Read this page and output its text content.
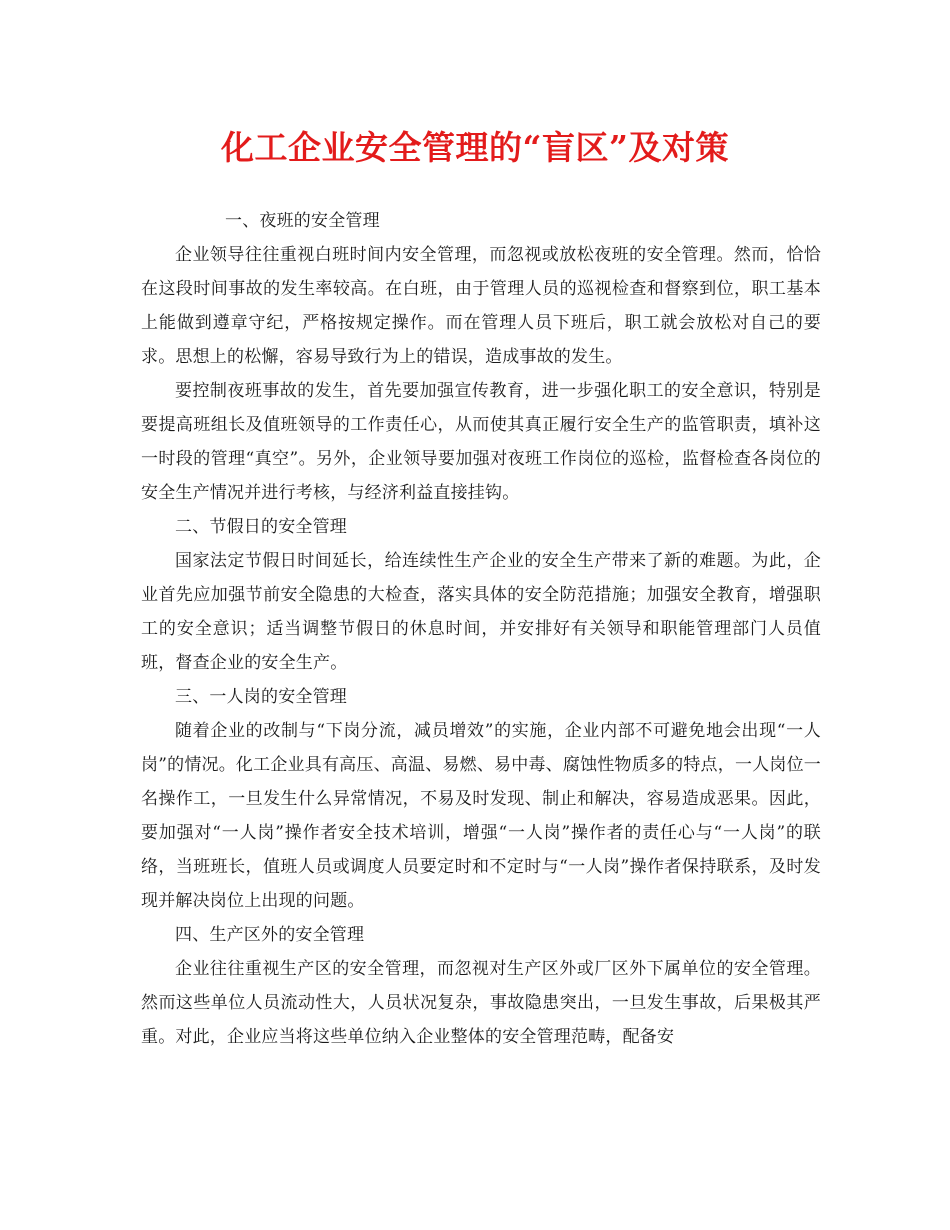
化工企业安全管理的“盲区”及对策

一、夜班的安全管理

企业领导往往重视白班时间内安全管理，而忽视或放松夜班的安全管理。然而，恰恰在这段时间事故的发生率较高。在白班，由于管理人员的巡视检查和督察到位，职工基本上能做到遵章守纪，严格按规定操作。而在管理人员下班后，职工就会放松对自己的要求。思想上的松懈，容易导致行为上的错误，造成事故的发生。

要控制夜班事故的发生，首先要加强宣传教育，进一步强化职工的安全意识，特别是要提高班组长及值班领导的工作责任心，从而使其真正履行安全生产的监管职责，填补这一时段的管理“真空”。另外，企业领导要加强对夜班工作岗位的巡检，监督检查各岗位的安全生产情况并进行考核，与经济利益直接挂钩。

二、节假日的安全管理

国家法定节假日时间延长，给连续性生产企业的安全生产带来了新的难题。为此，企业首先应加强节前安全隐患的大检查，落实具体的安全防范措施；加强安全教育，增强职工的安全意识；适当调整节假日的休息时间，并安排好有关领导和职能管理部门人员值班，督查企业的安全生产。

三、一人岗的安全管理

随着企业的改制与“下岗分流，减员增效”的实施，企业内部不可避免地会出现“一人岗”的情况。化工企业具有高压、高温、易燃、易中毒、腐蚀性物质多的特点，一人岗位一名操作工，一旦发生什么异常情况，不易及时发现、制止和解决，容易造成恶果。因此，要加强对“一人岗”操作者安全技术培训，增强“一人岗”操作者的责任心与“一人岗”的联络，当班班长，值班人员或调度人员要定时和不定时与“一人岗”操作者保持联系，及时发现并解决岗位上出现的问题。

四、生产区外的安全管理

企业往往重视生产区的安全管理，而忽视对生产区外或厂区外下属单位的安全管理。然而这些单位人员流动性大，人员状况复杂，事故隐患突出，一旦发生事故，后果极其严重。对此，企业应当将这些单位纳入企业整体的安全管理范畴，配备安
